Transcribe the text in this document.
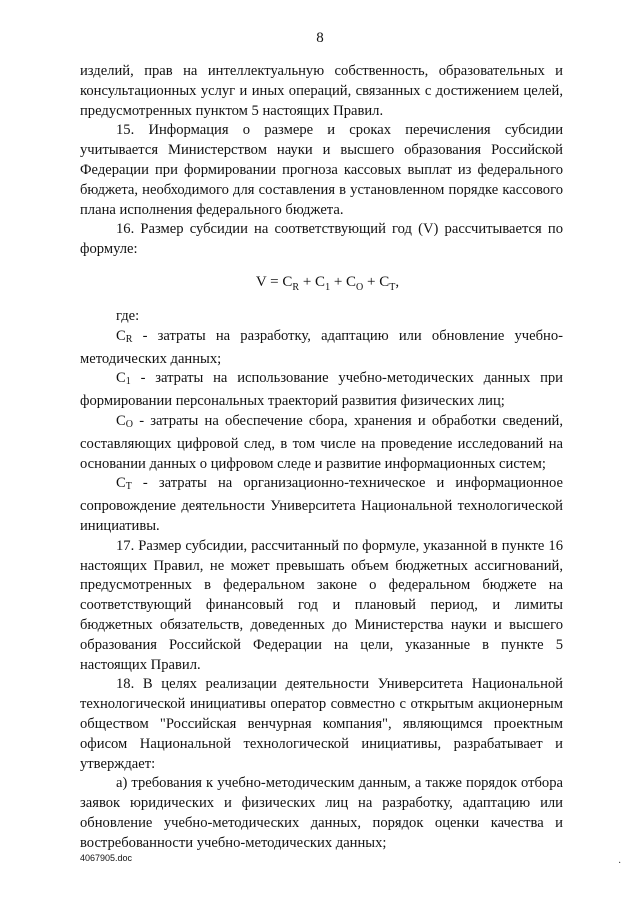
8

изделий, прав на интеллектуальную собственность, образовательных и консультационных услуг и иных операций, связанных с достижением целей, предусмотренных пунктом 5 настоящих Правил.

15. Информация о размере и сроках перечисления субсидии учитывается Министерством науки и высшего образования Российской Федерации при формировании прогноза кассовых выплат из федерального бюджета, необходимого для составления в установленном порядке кассового плана исполнения федерального бюджета.

16. Размер субсидии на соответствующий год (V) рассчитывается по формуле:

$V = C_R + C_1 + C_O + C_T$,

где:

CR - затраты на разработку, адаптацию или обновление учебно-методических данных;

C1 - затраты на использование учебно-методических данных при формировании персональных траекторий развития физических лиц;

CO - затраты на обеспечение сбора, хранения и обработки сведений, составляющих цифровой след, в том числе на проведение исследований на основании данных о цифровом следе и развитие информационных систем;

CT - затраты на организационно-техническое и информационное сопровождение деятельности Университета Национальной технологической инициативы.

17. Размер субсидии, рассчитанный по формуле, указанной в пункте 16 настоящих Правил, не может превышать объем бюджетных ассигнований, предусмотренных в федеральном законе о федеральном бюджете на соответствующий финансовый год и плановый период, и лимиты бюджетных обязательств, доведенных до Министерства науки и высшего образования Российской Федерации на цели, указанные в пункте 5 настоящих Правил.

18. В целях реализации деятельности Университета Национальной технологической инициативы оператор совместно с открытым акционерным обществом "Российская венчурная компания", являющимся проектным офисом Национальной технологической инициативы, разрабатывает и утверждает:

а) требования к учебно-методическим данным, а также порядок отбора заявок юридических и физических лиц на разработку, адаптацию или обновление учебно-методических данных, порядок оценки качества и востребованности учебно-методических данных;

4067905.doc	·
